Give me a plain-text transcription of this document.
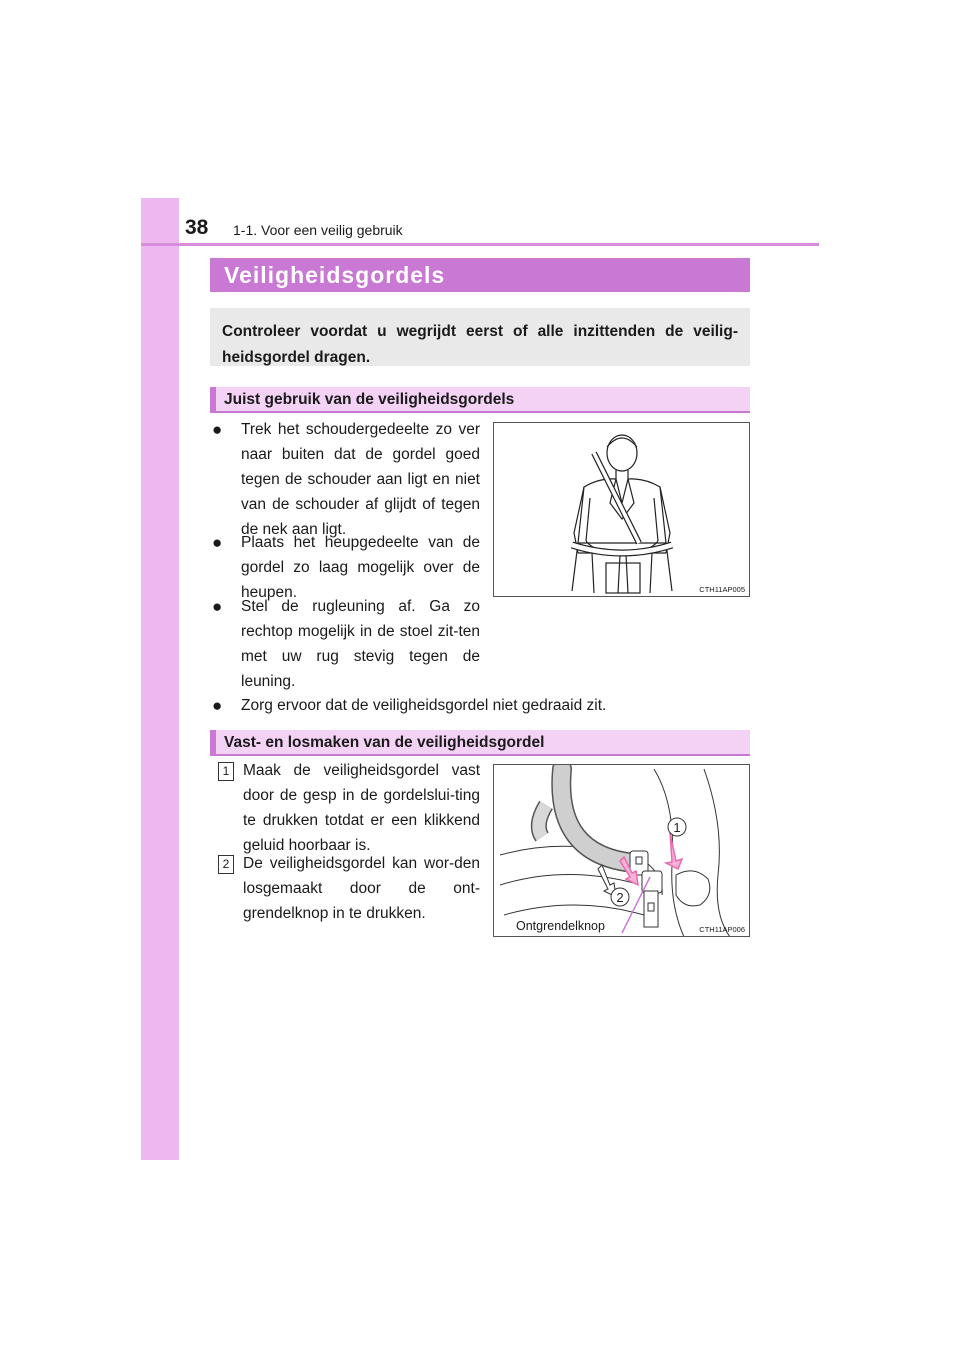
38 1-1. Voor een veilig gebruik
Veiligheidsgordels
Controleer voordat u wegrijdt eerst of alle inzittenden de veilig-heidsgordel dragen.
Juist gebruik van de veiligheidsgordels
● Trek het schoudergedeelte zo ver naar buiten dat de gordel goed tegen de schouder aan ligt en niet van de schouder af glijdt of tegen de nek aan ligt.
● Plaats het heupgedeelte van de gordel zo laag mogelijk over de heupen.
● Stel de rugleuning af. Ga zo rechtop mogelijk in de stoel zit-ten met uw rug stevig tegen de leuning.
● Zorg ervoor dat de veiligheidsgordel niet gedraaid zit.
CTH11AP005
Vast- en losmaken van de veiligheidsgordel
1 Maak de veiligheidsgordel vast door de gesp in de gordelslui-ting te drukken totdat er een klikkend geluid hoorbaar is.
2 De veiligheidsgordel kan wor-den losgemaakt door de ont-grendelknop in te drukken.
1
2
Ontgrendelknop	CTH11AP006
